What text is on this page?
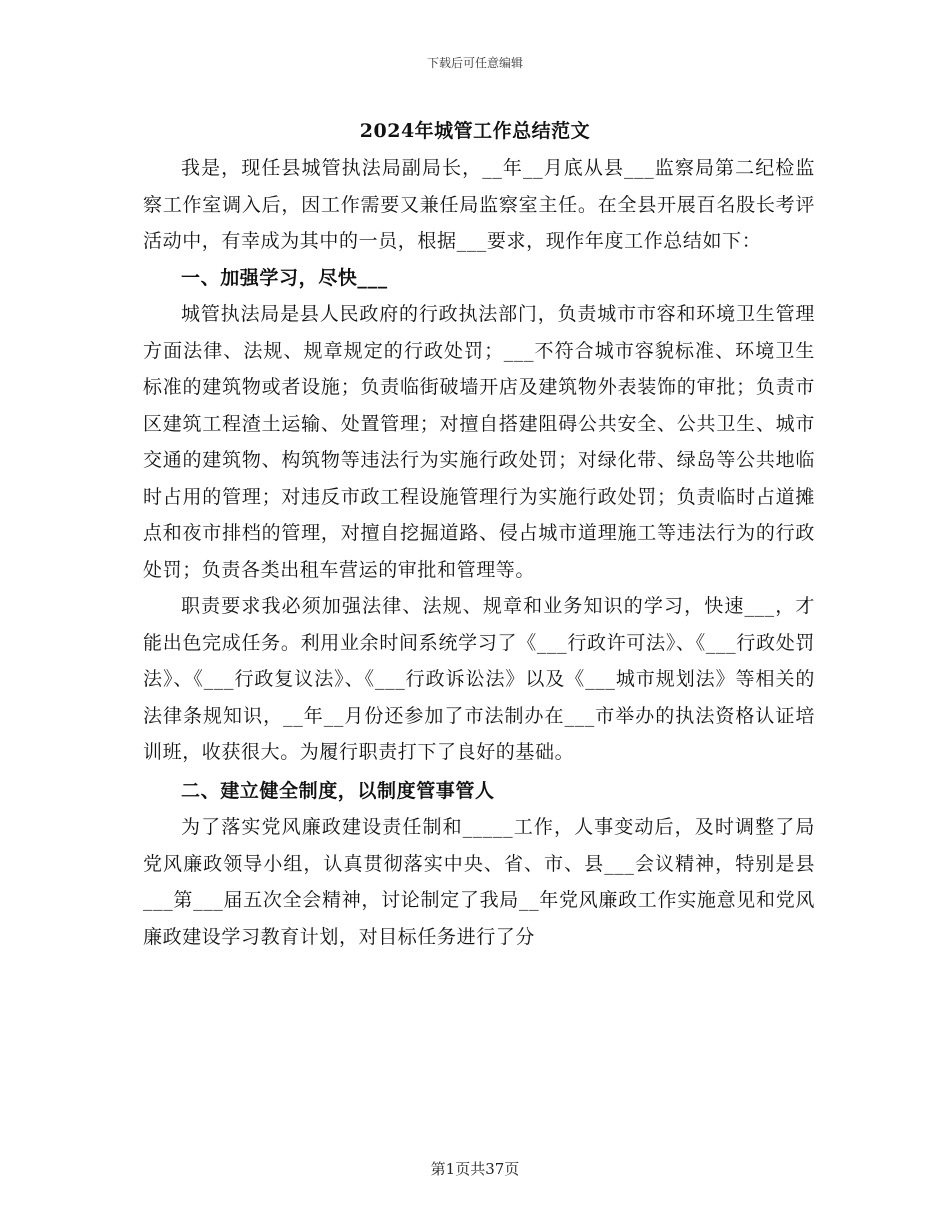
下载后可任意编辑
2024年城管工作总结范文

我是，现任县城管执法局副局长，__年__月底从县___监察局第二纪检监察工作室调入后，因工作需要又兼任局监察室主任。在全县开展百名股长考评活动中，有幸成为其中的一员，根据___要求，现作年度工作总结如下：

一、加强学习，尽快___

城管执法局是县人民政府的行政执法部门，负责城市市容和环境卫生管理方面法律、法规、规章规定的行政处罚；___不符合城市容貌标准、环境卫生标准的建筑物或者设施；负责临街破墙开店及建筑物外表装饰的审批；负责市区建筑工程渣土运输、处置管理；对擅自搭建阻碍公共安全、公共卫生、城市交通的建筑物、构筑物等违法行为实施行政处罚；对绿化带、绿岛等公共地临时占用的管理；对违反市政工程设施管理行为实施行政处罚；负责临时占道摊点和夜市排档的管理，对擅自挖掘道路、侵占城市道理施工等违法行为的行政处罚；负责各类出租车营运的审批和管理等。

职责要求我必须加强法律、法规、规章和业务知识的学习，快速___，才能出色完成任务。利用业余时间系统学习了《___行政许可法》、《___行政处罚法》、《___行政复议法》、《___行政诉讼法》以及《___城市规划法》等相关的法律条规知识，__年__月份还参加了市法制办在___市举办的执法资格认证培训班，收获很大。为履行职责打下了良好的基础。

二、建立健全制度，以制度管事管人

为了落实党风廉政建设责任制和_____工作，人事变动后，及时调整了局党风廉政领导小组，认真贯彻落实中央、省、市、县___会议精神，特别是县___第___届五次全会精神，讨论制定了我局__年党风廉政工作实施意见和党风廉政建设学习教育计划，对目标任务进行了分

第1页共37页
